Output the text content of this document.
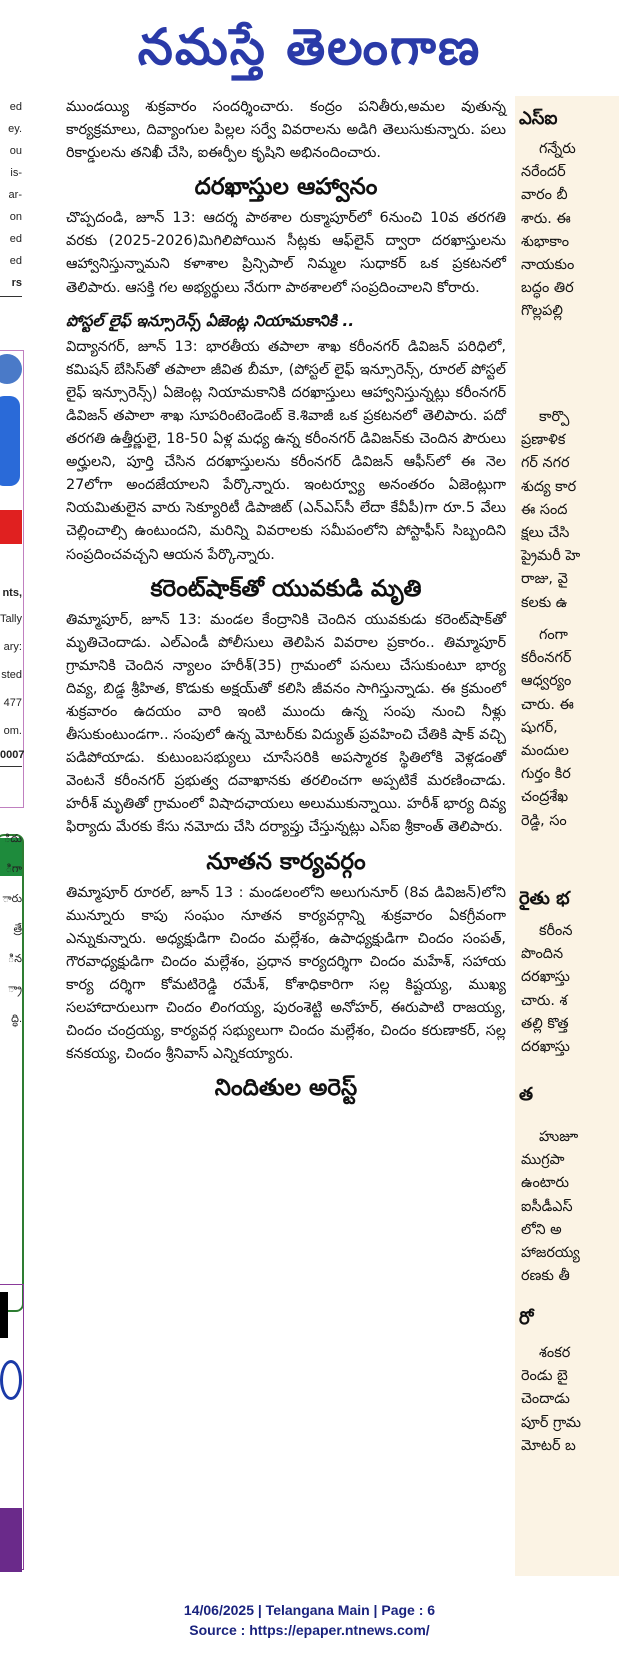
నమస్తే తెలంగాణ
ed
ey.
ou
is-
ar-
on
ed
ed
rs
nts,
Tally
ary:
sted
477
om.
0007
ిదు
ిగా
ారు
త్రే
ిన
్రా
ద్ధి.

ముండయ్యి శుక్రవారం సందర్శించారు. కంద్రం పనితీరు,అమల వుతున్న కార్యక్రమాలు, దివ్యాంగుల పిల్లల సర్వే వివరాలను అడిగి తెలుసుకున్నారు. పలు రికార్డులను తనిఖీ చేసి, ఐఈర్పీల కృషిని అభినందించారు.

దరఖాస్తుల ఆహ్వానం

చొప్పదండి, జూన్ 13: ఆదర్శ పాఠశాల రుక్మాపూర్‌లో 6నుంచి 10వ తరగతి వరకు (2025-2026)మిగిలిపోయిన సీట్లకు ఆఫ్‌లైన్ ద్వారా దరఖాస్తులను ఆహ్వానిస్తున్నామని కళాశాల ప్రిన్సిపాల్ నిమ్మల సుధాకర్ ఒక ప్రకటనలో తెలిపారు. ఆసక్తి గల అభ్యర్థులు నేరుగా పాఠశాలలో సంప్రదించాలని కోరారు.

పోస్టల్ లైఫ్ ఇన్సూరెన్స్ ఏజెంట్ల నియామకానికి ..

విద్యానగర్, జూన్ 13: భారతీయ తపాలా శాఖ కరీంనగర్ డివిజన్ పరిధిలో, కమిషన్ బేసిస్‌తో తపాలా జీవిత బీమా, (పోస్టల్ లైఫ్ ఇన్సూరెన్స్, రూరల్ పోస్టల్ లైఫ్ ఇన్సూరెన్స్) ఏజెంట్ల నియామకానికి దరఖాస్తులు ఆహ్వానిస్తున్నట్లు కరీంనగర్ డివిజన్ తపాలా శాఖ సూపరింటెండెంట్ కె.శివాజీ ఒక ప్రకటనలో తెలిపారు. పదో తరగతి ఉత్తీర్ణులై, 18-50 ఏళ్ల మధ్య ఉన్న కరీంనగర్ డివిజన్‌కు చెందిన పౌరులు అర్హులని, పూర్తి చేసిన దరఖాస్తులను కరీంనగర్ డివిజన్ ఆఫీస్‌లో ఈ నెల 27లోగా అందజేయాలని పేర్కొన్నారు. ఇంటర్వ్యూ అనంతరం ఏజెంట్లుగా నియమితులైన వారు సెక్యూరిటీ డిపాజిట్ (ఎన్ఎస్‌సీ లేదా కేవీపీ)గా రూ.5 వేలు చెల్లించాల్సి ఉంటుందని, మరిన్ని వివరాలకు సమీపంలోని పోస్టాఫీస్ సిబ్బందిని సంప్రదించవచ్చని ఆయన పేర్కొన్నారు.

కరెంట్‌షాక్‌తో యువకుడి మృతి

తిమ్మాపూర్, జూన్ 13: మండల కేంద్రానికి చెందిన యువకుడు కరెంట్‌షాక్‌తో మృతిచెందాడు. ఎల్ఎండీ పోలీసులు తెలిపిన వివరాల ప్రకారం.. తిమ్మాపూర్ గ్రామానికి చెందిన న్యాలం హరీశ్(35) గ్రామంలో పనులు చేసుకుంటూ భార్య దివ్య, బిడ్డ శ్రీహిత, కొడుకు అక్షయ్‌తో కలిసి జీవనం సాగిస్తున్నాడు. ఈ క్రమంలో శుక్రవారం ఉదయం వారి ఇంటి ముందు ఉన్న సంపు నుంచి నీళ్లు తీసుకుంటుండగా.. సంపులో ఉన్న మోటర్‌కు విద్యుత్ ప్రవహించి చేతికి షాక్ వచ్చి పడిపోయాడు. కుటుంబసభ్యులు చూసేసరికి అపస్మారక స్థితిలోకి వెళ్లడంతో వెంటనే కరీంనగర్ ప్రభుత్వ దవాఖానకు తరలించగా అప్పటికే మరణించాడు. హరీశ్ మృతితో గ్రామంలో విషాదఛాయలు అలుముకున్నాయి. హరీశ్ భార్య దివ్య ఫిర్యాదు మేరకు కేసు నమోదు చేసి దర్యాప్తు చేస్తున్నట్లు ఎస్ఐ శ్రీకాంత్ తెలిపారు.

నూతన కార్యవర్గం

తిమ్మాపూర్ రూరల్, జూన్ 13 : మండలంలోని అలుగునూర్ (8వ డివిజన్)లోని మున్నూరు కాపు సంఘం నూతన కార్యవర్గాన్ని శుక్రవారం ఏకగ్రీవంగా ఎన్నుకున్నారు. అధ్యక్షుడిగా చిందం మల్లేశం, ఉపాధ్యక్షుడిగా చిందం సంపత్, గౌరవాధ్యక్షుడిగా చిందం మల్లేశం, ప్రధాన కార్యదర్శిగా చిందం మహేశ్, సహాయ కార్య దర్శిగా కోమటిరెడ్డి రమేశ్, కోశాధికారిగా సల్ల కిష్టయ్య, ముఖ్య సలహాదారులుగా చిందం లింగయ్య, పురంశెట్టి అనోహర్, ఈరుపాటి రాజయ్య, చిందం చంద్రయ్య, కార్యవర్గ సభ్యులుగా చిందం మల్లేశం, చిందం కరుణాకర్, సల్ల కనకయ్య, చిందం శ్రీనివాస్ ఎన్నికయ్యారు.

నిందితుల అరెస్ట్
ఎస్ఐ
గన్నేరు
నరేందర్
వారం బీ
శారు. ఈ
శుభాకాం
నాయకుం
బద్ధం తిర
గొల్లపల్లి
కార్పొ
ప్రణాళిక
గర్ నగర
శుద్య కార
ఈ సంద
క్షలు చేసి
ప్రైమరీ హె
రాజు, వై
కలకు ఉ
గంగా
కరీంనగర్
ఆధ్వర్యం
చారు. ఈ
షుగర్,
మందుల
గుర్తం కిర
చంద్రశేఖ
రెడ్డి, సం
రైతు భ
కరీంన
పొందిన
దరఖాస్తు
చారు. శ
తల్లి కొత్త
దరఖాస్తు
త
హుజూ
ముగ్రపా
ఉంటారు
ఐసీడీఎస్
లోని అ
హాజరయ్య
రణకు తీ
రో
శంకర
రెండు బై
చెందాడు
పూర్ గ్రామ
మోటర్ బ
14/06/2025 | Telangana Main | Page : 6
Source : https://epaper.ntnews.com/
